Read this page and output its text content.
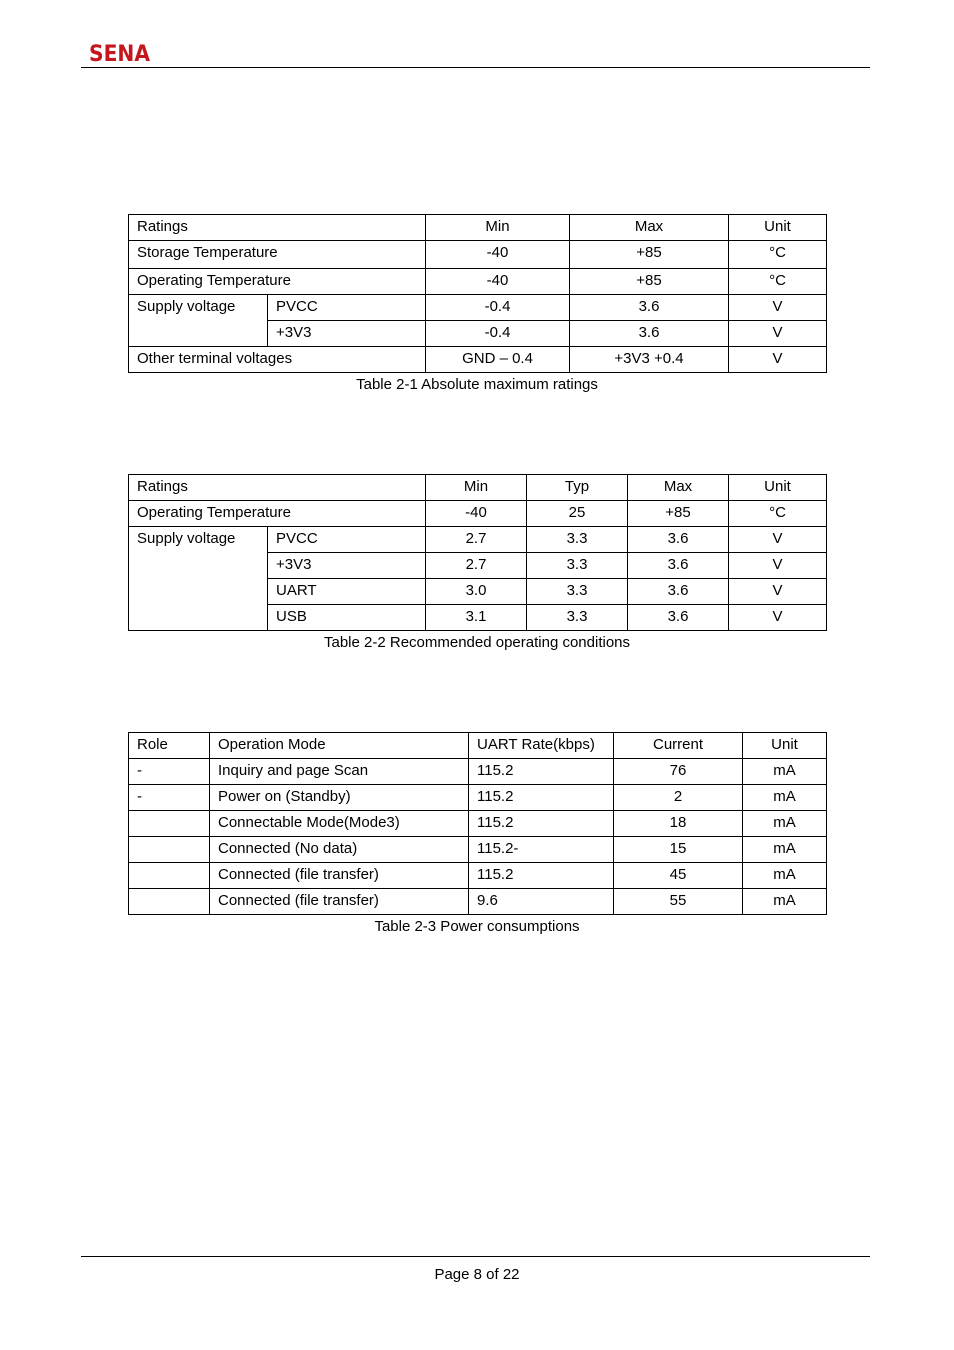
SENA
Ratings		Min	Max	Unit
Storage Temperature		-40	+85	°C
Operating Temperature		-40	+85	°C
Supply voltage	PVCC	-0.4	3.6	V
	+3V3	-0.4	3.6	V
Other terminal voltages		GND – 0.4	+3V3 +0.4	V
Table 2-1 Absolute maximum ratings
Ratings		Min	Typ	Max	Unit
Operating Temperature		-40	25	+85	°C
Supply voltage	PVCC	2.7	3.3	3.6	V
	+3V3	2.7	3.3	3.6	V
	UART	3.0	3.3	3.6	V
	USB	3.1	3.3	3.6	V
Table 2-2 Recommended operating conditions
Role	Operation Mode	UART Rate(kbps)	Current	Unit
-	Inquiry and page Scan	115.2	76	mA
-	Power on (Standby)	115.2	2	mA
	Connectable Mode(Mode3)	115.2	18	mA
	Connected (No data)	115.2-	15	mA
	Connected (file transfer)	115.2	45	mA
	Connected (file transfer)	9.6	55	mA
Table 2-3 Power consumptions
Page 8 of 22
